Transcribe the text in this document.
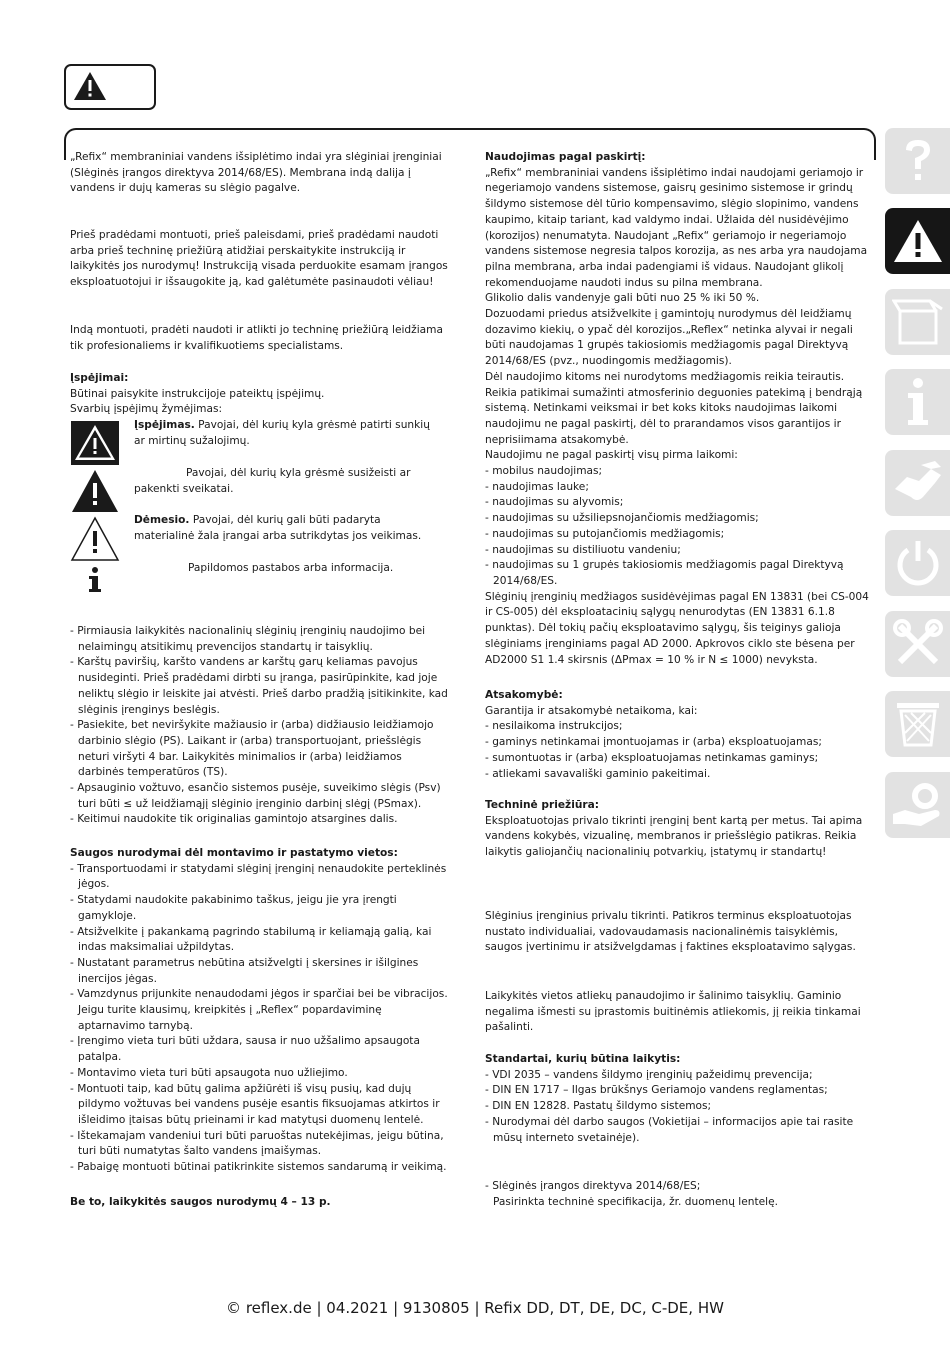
„Refix“ membraniniai vandens išsiplėtimo indai yra slėginiai įrenginiai (Slėginės įrangos direktyva 2014/68/ES). Membrana indą dalija į vandens ir dujų kameras su slėgio pagalve.

Prieš pradėdami montuoti, prieš paleisdami, prieš pradėdami naudoti arba prieš techninę priežiūrą atidžiai perskaitykite instrukciją ir laikykitės jos nurodymų! Instrukciją visada perduokite esamam įrangos eksploatuotojui ir išsaugokite ją, kad galėtumėte pasinaudoti vėliau!

Indą montuoti, pradėti naudoti ir atlikti jo techninę priežiūrą leidžiama tik profesionaliems ir kvalifikuotiems specialistams.

Įspėjimai:

Būtinai paisykite instrukcijoje pateiktų įspėjimų.

Svarbių įspėjimų žymėjimas:

Įspėjimas. Pavojai, dėl kurių kyla grėsmė patirti sunkių ar mirtinų sužalojimų.
Pavojai, dėl kurių kyla grėsmė susižeisti ar pakenkti sveikatai.
Dėmesio. Pavojai, dėl kurių gali būti padaryta materialinė žala įrangai arba sutrikdytas jos veikimas.
Papildomos pastabos arba informacija.
- Pirmiausia laikykitės nacionalinių slėginių įrenginių naudojimo bei nelaimingų atsitikimų prevencijos standartų ir taisyklių.
- Karštų paviršių, karšto vandens ar karštų garų keliamas pavojus nusideginti. Prieš pradėdami dirbti su įranga, pasirūpinkite, kad joje neliktų slėgio ir leiskite jai atvėsti. Prieš darbo pradžią įsitikinkite, kad slėginis įrenginys beslėgis.
- Pasiekite, bet neviršykite mažiausio ir (arba) didžiausio leidžiamojo darbinio slėgio (PS). Laikant ir (arba) transportuojant, priešslėgis neturi viršyti 4 bar. Laikykitės minimalios ir (arba) leidžiamos darbinės temperatūros (TS).
- Apsauginio vožtuvo, esančio sistemos pusėje, suveikimo slėgis (Psv) turi būti ≤ už leidžiamąjį slėginio įrenginio darbinį slėgį (PSmax).
- Keitimui naudokite tik originalias gamintojo atsargines dalis.

Saugos nurodymai dėl montavimo ir pastatymo vietos:

- Transportuodami ir statydami slėginį įrenginį nenaudokite perteklinės jėgos.
- Statydami naudokite pakabinimo taškus, jeigu jie yra įrengti gamykloje.
- Atsižvelkite į pakankamą pagrindo stabilumą ir keliamąją galią, kai indas maksimaliai užpildytas.
- Nustatant parametrus nebūtina atsižvelgti į skersines ir išilgines inercijos jėgas.
- Vamzdynus prijunkite nenaudodami jėgos ir sparčiai bei be vibracijos. Jeigu turite klausimų, kreipkitės į „Reflex“ popardaviminę aptarnavimo tarnybą.
- Įrengimo vieta turi būti uždara, sausa ir nuo užšalimo apsaugota patalpa.
- Montavimo vieta turi būti apsaugota nuo užliejimo.
- Montuoti taip, kad būtų galima apžiūrėti iš visų pusių, kad dujų pildymo vožtuvas bei vandens pusėje esantis fiksuojamas atkirtos ir išleidimo įtaisas būtų prieinami ir kad matytųsi duomenų lentelė.
- Ištekamajam vandeniui turi būti paruoštas nutekėjimas, jeigu būtina, turi būti numatytas šalto vandens įmaišymas.
- Pabaigę montuoti būtinai patikrinkite sistemos sandarumą ir veikimą.
Be to, laikykitės saugos nurodymų 4 – 13 p.

Naudojimas pagal paskirtį:

„Refix“ membraniniai vandens išsiplėtimo indai naudojami geriamojo ir negeriamojo vandens sistemose, gaisrų gesinimo sistemose ir grindų šildymo sistemose dėl tūrio kompensavimo, slėgio slopinimo, vandens kaupimo, kitaip tariant, kad valdymo indai. Užlaida dėl nusidėvėjimo (korozijos) nenumatyta. Naudojant „Refix“ geriamojo ir negeriamojo vandens sistemose negresia talpos korozija, as nes arba yra naudojama pilna membrana, arba indai padengiami iš vidaus. Naudojant glikolį rekomenduojame naudoti indus su pilna membrana.

Glikolio dalis vandenyje gali būti nuo 25 % iki 50 %.

Dozuodami priedus atsižvelkite į gamintojų nurodymus dėl leidžiamų dozavimo kiekių, o ypač dėl korozijos.„Reflex“ netinka alyvai ir negali būti naudojamas 1 grupės takiosiomis medžiagomis pagal Direktyvą 2014/68/ES (pvz., nuodingomis medžiagomis).

Dėl naudojimo kitoms nei nurodytoms medžiagomis reikia teirautis. Reikia patikimai sumažinti atmosferinio deguonies patekimą į bendrąją sistemą. Netinkami veiksmai ir bet koks kitoks naudojimas laikomi naudojimu ne pagal paskirtį, dėl to prarandamos visos garantijos ir neprisiimama atsakomybė.

Naudojimu ne pagal paskirtį visų pirma laikomi:

- mobilus naudojimas;
- naudojimas lauke;
- naudojimas su alyvomis;
- naudojimas su užsiliepsnojančiomis medžiagomis;
- naudojimas su putojančiomis medžiagomis;
- naudojimas su distiliuotu vandeniu;
- naudojimas su 1 grupės takiosiomis medžiagomis pagal Direktyvą 2014/68/ES.

Slėginių įrenginių medžiagos susidėvėjimas pagal EN 13831 (bei CS-004 ir CS-005) dėl eksploatacinių sąlygų nenurodytas (EN 13831 6.1.8 punktas). Dėl tokių pačių eksploatavimo sąlygų, šis teiginys galioja slėginiams įrenginiams pagal AD 2000. Apkrovos ciklo ste bėsena per AD2000 S1 1.4 skirsnis (ΔPmax = 10 % ir N ≤ 1000) nevyksta.

Atsakomybė:

Garantija ir atsakomybė netaikoma, kai:

- nesilaikoma instrukcijos;
- gaminys netinkamai įmontuojamas ir (arba) eksploatuojamas;
- sumontuotas ir (arba) eksploatuojamas netinkamas gaminys;
- atliekami savavališki gaminio pakeitimai.

Techninė priežiūra:

Eksploatuotojas privalo tikrinti įrenginį bent kartą per metus. Tai apima vandens kokybės, vizualinę, membranos ir priešslėgio patikras. Reikia laikytis galiojančių nacionalinių potvarkių, įstatymų ir standartų!

Slėginius įrenginius privalu tikrinti. Patikros terminus eksploatuotojas nustato individualiai, vadovaudamasis nacionalinėmis taisyklėmis, saugos įvertinimu ir atsižvelgdamas į faktines eksploatavimo sąlygas.
Laikykitės vietos atliekų panaudojimo ir šalinimo taisyklių. Gaminio negalima išmesti su įprastomis buitinėmis atliekomis, jį reikia tinkamai pašalinti.

Standartai, kurių būtina laikytis:

- VDI 2035 – vandens šildymo įrenginių pažeidimų prevencija;
- DIN EN 1717 – Ilgas brūkšnys Geriamojo vandens reglamentas;
- DIN EN 12828. Pastatų šildymo sistemos;
- Nurodymai dėl darbo saugos (Vokietijai – informacijos apie tai rasite mūsų interneto svetainėje).
- Slėginės įrangos direktyva 2014/68/ES;
Pasirinkta techninė specifikacija, žr. duomenų lentelę.
© reflex.de | 04.2021 | 9130805 | Refix DD, DT, DE, DC, C-DE, HW
